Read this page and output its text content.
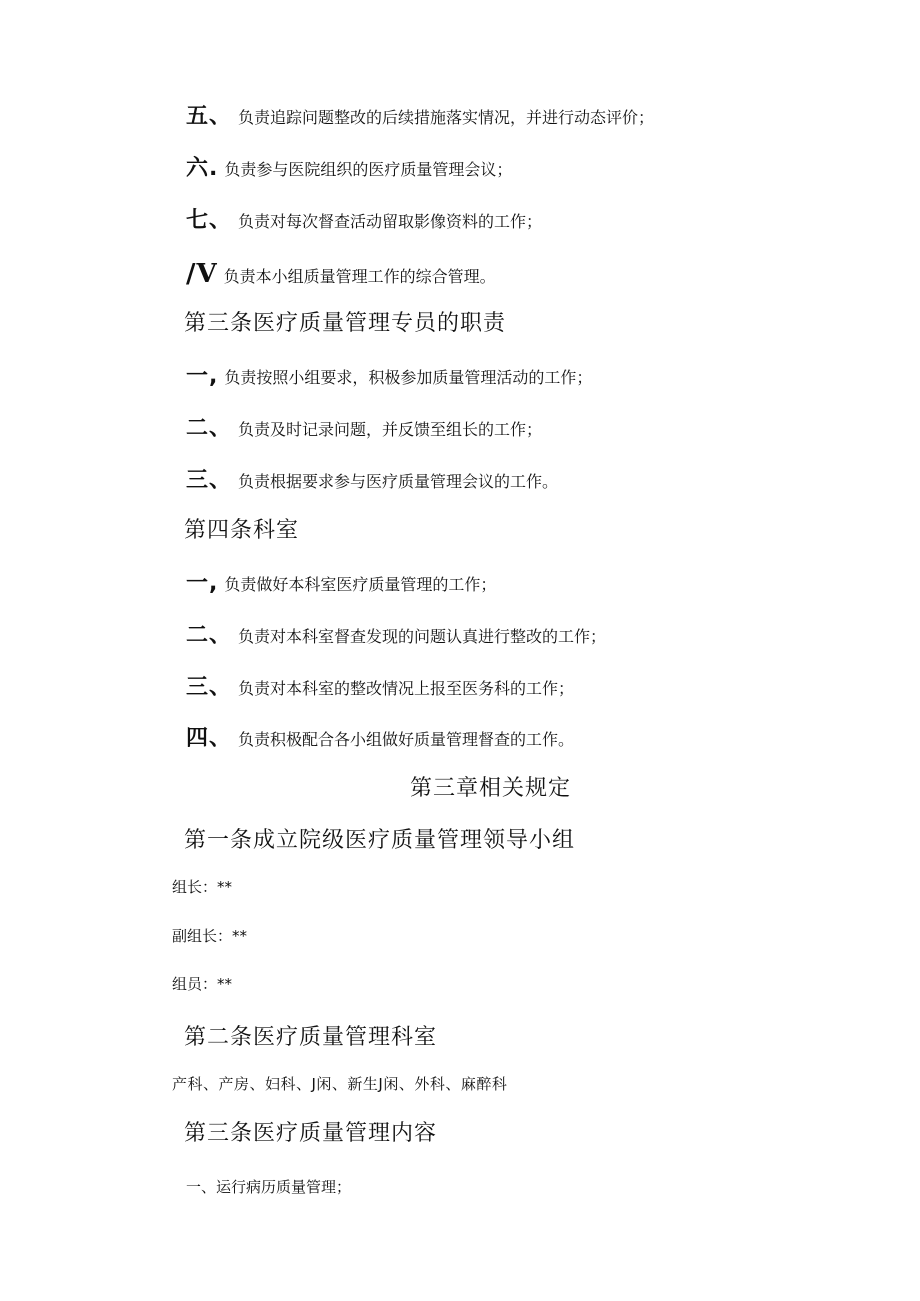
五、 负责追踪问题整改的后续措施落实情况，并进行动态评价；
六. 负责参与医院组织的医疗质量管理会议；
七、 负责对每次督查活动留取影像资料的工作；
/V 负责本小组质量管理工作的综合管理。
第三条医疗质量管理专员的职责
一, 负责按照小组要求，积极参加质量管理活动的工作；
二、 负责及时记录问题，并反馈至组长的工作；
三、 负责根据要求参与医疗质量管理会议的工作。
第四条科室
一, 负责做好本科室医疗质量管理的工作；
二、 负责对本科室督查发现的问题认真进行整改的工作；
三、 负责对本科室的整改情况上报至医务科的工作；
四、 负责积极配合各小组做好质量管理督查的工作。
第三章相关规定
第一条成立院级医疗质量管理领导小组
组长：**
副组长：**
组员：**
第二条医疗质量管理科室
产科、产房、妇科、J闲、新生J闲、外科、麻醉科
第三条医疗质量管理内容
一、运行病历质量管理；
